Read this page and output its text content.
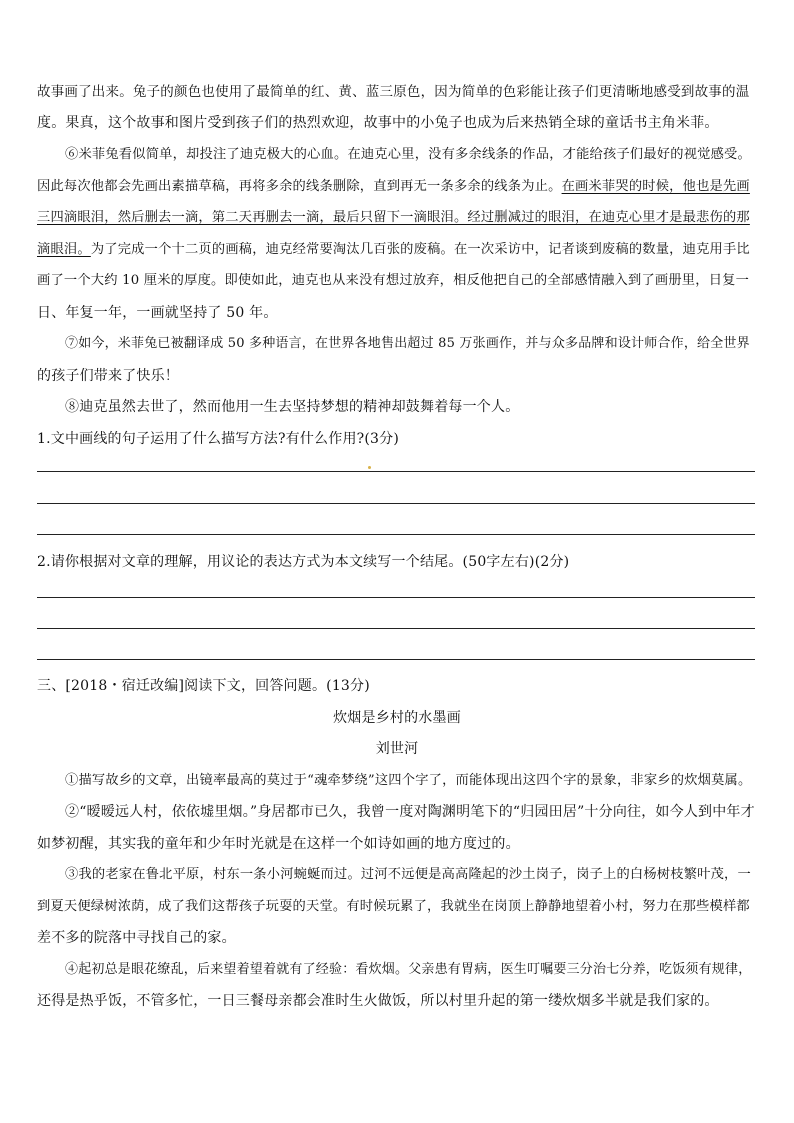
故事画了出来。兔子的颜色也使用了最简单的红、黄、蓝三原色，因为简单的色彩能让孩子们更清晰地感受到故事的温
度。果真，这个故事和图片受到孩子们的热烈欢迎，故事中的小兔子也成为后来热销全球的童话书主角米菲。
⑥米菲兔看似简单，却投注了迪克极大的心血。在迪克心里，没有多余线条的作品，才能给孩子们最好的视觉感受。
因此每次他都会先画出素描草稿，再将多余的线条删除，直到再无一条多余的线条为止。在画米菲哭的时候，他也是先画
三四滴眼泪，然后删去一滴，第二天再删去一滴，最后只留下一滴眼泪。经过删减过的眼泪，在迪克心里才是最悲伤的那
滴眼泪。为了完成一个十二页的画稿，迪克经常要淘汰几百张的废稿。在一次采访中，记者谈到废稿的数量，迪克用手比
画了一个大约 10 厘米的厚度。即使如此，迪克也从来没有想过放弃，相反他把自己的全部感情融入到了画册里，日复一
日、年复一年，一画就坚持了 50 年。
⑦如今，米菲兔已被翻译成 50 多种语言，在世界各地售出超过 85 万张画作，并与众多品牌和设计师合作，给全世界
的孩子们带来了快乐！
⑧迪克虽然去世了，然而他用一生去坚持梦想的精神却鼓舞着每一个人。
1.文中画线的句子运用了什么描写方法?有什么作用?(3分)
2.请你根据对文章的理解，用议论的表达方式为本文续写一个结尾。(50字左右)(2分)
三、[2018・宿迁改编]阅读下文，回答问题。(13分)
炊烟是乡村的水墨画
刘世河
①描写故乡的文章，出镜率最高的莫过于“魂牵梦绕”这四个字了，而能体现出这四个字的景象，非家乡的炊烟莫属。
②“暧暧远人村，依依墟里烟。”身居都市已久，我曾一度对陶渊明笔下的“归园田居”十分向往，如今人到中年才
如梦初醒，其实我的童年和少年时光就是在这样一个如诗如画的地方度过的。
③我的老家在鲁北平原，村东一条小河蜿蜒而过。过河不远便是高高隆起的沙土岗子，岗子上的白杨树枝繁叶茂，一
到夏天便绿树浓荫，成了我们这帮孩子玩耍的天堂。有时候玩累了，我就坐在岗顶上静静地望着小村，努力在那些模样都
差不多的院落中寻找自己的家。
④起初总是眼花缭乱，后来望着望着就有了经验：看炊烟。父亲患有胃病，医生叮嘱要三分治七分养，吃饭须有规律，
还得是热乎饭，不管多忙，一日三餐母亲都会准时生火做饭，所以村里升起的第一缕炊烟多半就是我们家的。
